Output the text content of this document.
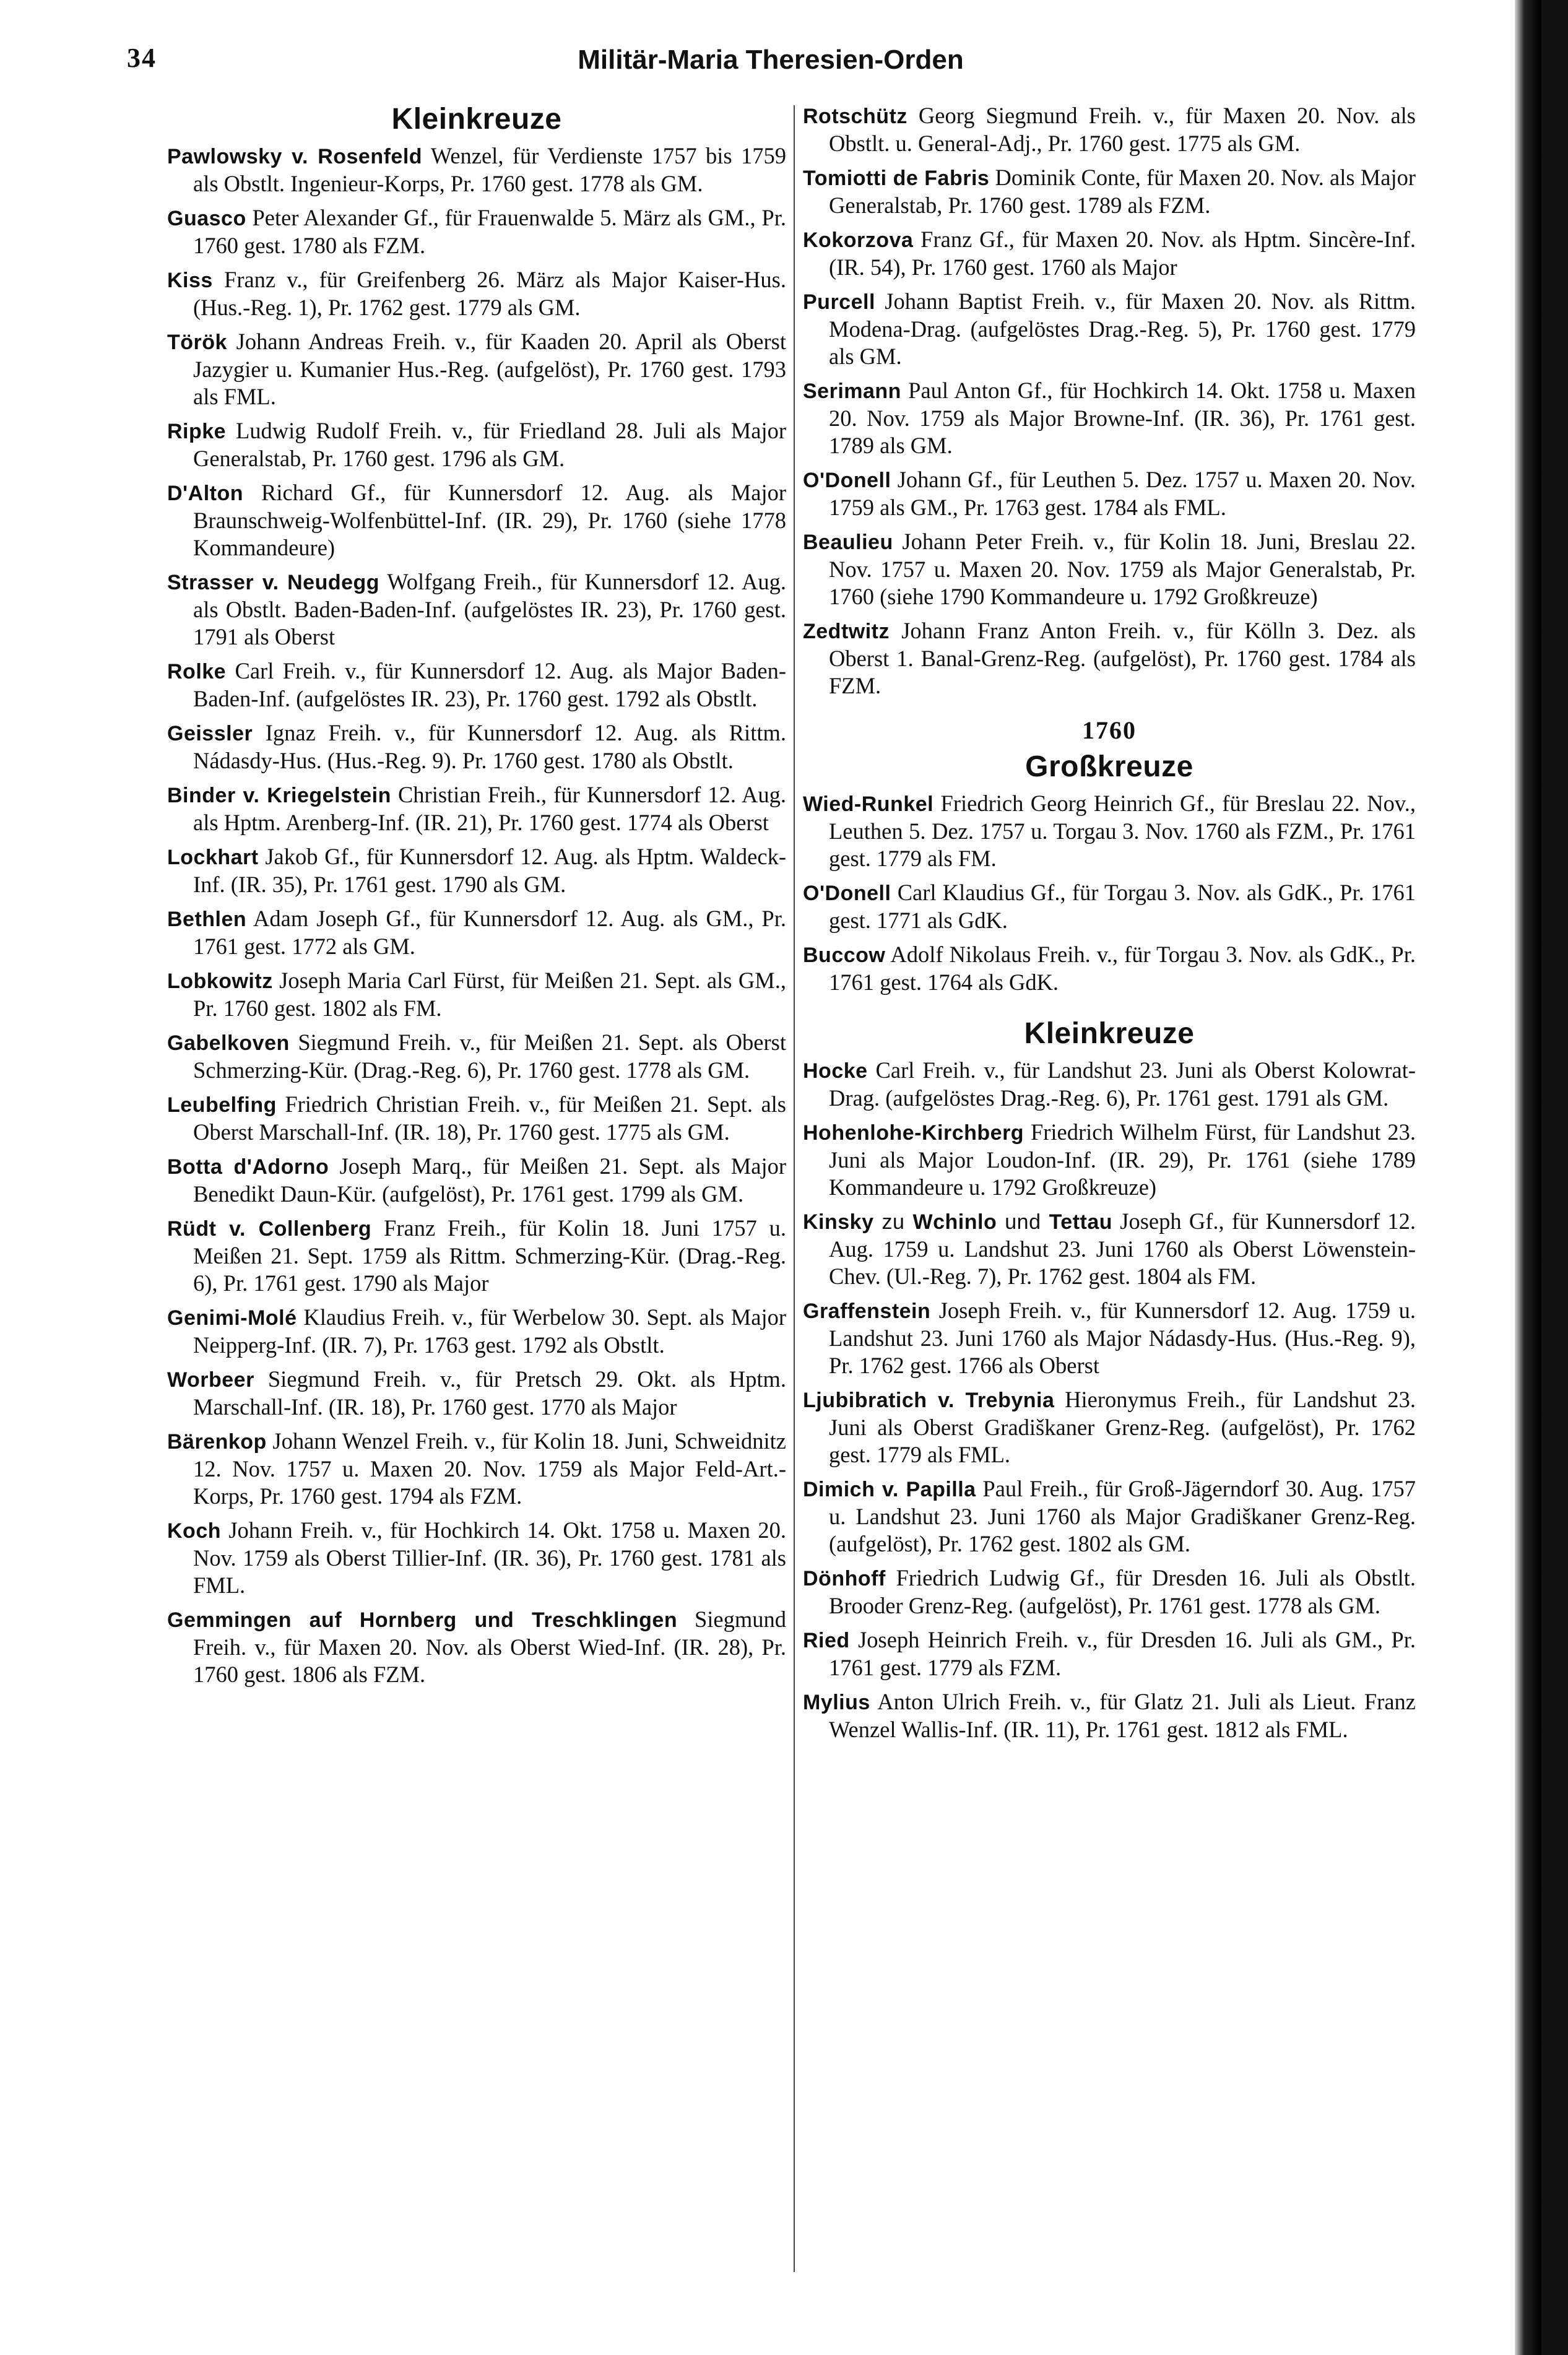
34	Militär-Maria Theresien-Orden
Kleinkreuze

Pawlowsky v. Rosenfeld Wenzel, für Verdienste 1757 bis 1759 als Obstlt. Ingenieur-Korps, Pr. 1760 gest. 1778 als GM.

Guasco Peter Alexander Gf., für Frauenwalde 5. März als GM., Pr. 1760 gest. 1780 als FZM.

Kiss Franz v., für Greifenberg 26. März als Major Kaiser-Hus. (Hus.-Reg. 1), Pr. 1762 gest. 1779 als GM.

Török Johann Andreas Freih. v., für Kaaden 20. April als Oberst Jazygier u. Kumanier Hus.-Reg. (aufgelöst), Pr. 1760 gest. 1793 als FML.

Ripke Ludwig Rudolf Freih. v., für Friedland 28. Juli als Major Generalstab, Pr. 1760 gest. 1796 als GM.

D'Alton Richard Gf., für Kunnersdorf 12. Aug. als Major Braunschweig-Wolfenbüttel-Inf. (IR. 29), Pr. 1760 (siehe 1778 Kommandeure)

Strasser v. Neudegg Wolfgang Freih., für Kunnersdorf 12. Aug. als Obstlt. Baden-Baden-Inf. (aufgelöstes IR. 23), Pr. 1760 gest. 1791 als Oberst

Rolke Carl Freih. v., für Kunnersdorf 12. Aug. als Major Baden-Baden-Inf. (aufgelöstes IR. 23), Pr. 1760 gest. 1792 als Obstlt.

Geissler Ignaz Freih. v., für Kunnersdorf 12. Aug. als Rittm. Nádasdy-Hus. (Hus.-Reg. 9). Pr. 1760 gest. 1780 als Obstlt.

Binder v. Kriegelstein Christian Freih., für Kunnersdorf 12. Aug. als Hptm. Arenberg-Inf. (IR. 21), Pr. 1760 gest. 1774 als Oberst

Lockhart Jakob Gf., für Kunnersdorf 12. Aug. als Hptm. Waldeck-Inf. (IR. 35), Pr. 1761 gest. 1790 als GM.

Bethlen Adam Joseph Gf., für Kunnersdorf 12. Aug. als GM., Pr. 1761 gest. 1772 als GM.

Lobkowitz Joseph Maria Carl Fürst, für Meißen 21. Sept. als GM., Pr. 1760 gest. 1802 als FM.

Gabelkoven Siegmund Freih. v., für Meißen 21. Sept. als Oberst Schmerzing-Kür. (Drag.-Reg. 6), Pr. 1760 gest. 1778 als GM.

Leubelfing Friedrich Christian Freih. v., für Meißen 21. Sept. als Oberst Marschall-Inf. (IR. 18), Pr. 1760 gest. 1775 als GM.

Botta d'Adorno Joseph Marq., für Meißen 21. Sept. als Major Benedikt Daun-Kür. (aufgelöst), Pr. 1761 gest. 1799 als GM.

Rüdt v. Collenberg Franz Freih., für Kolin 18. Juni 1757 u. Meißen 21. Sept. 1759 als Rittm. Schmerzing-Kür. (Drag.-Reg. 6), Pr. 1761 gest. 1790 als Major

Genimi-Molé Klaudius Freih. v., für Werbelow 30. Sept. als Major Neipperg-Inf. (IR. 7), Pr. 1763 gest. 1792 als Obstlt.

Worbeer Siegmund Freih. v., für Pretsch 29. Okt. als Hptm. Marschall-Inf. (IR. 18), Pr. 1760 gest. 1770 als Major

Bärenkop Johann Wenzel Freih. v., für Kolin 18. Juni, Schweidnitz 12. Nov. 1757 u. Maxen 20. Nov. 1759 als Major Feld-Art.-Korps, Pr. 1760 gest. 1794 als FZM.

Koch Johann Freih. v., für Hochkirch 14. Okt. 1758 u. Maxen 20. Nov. 1759 als Oberst Tillier-Inf. (IR. 36), Pr. 1760 gest. 1781 als FML.

Gemmingen auf Hornberg und Treschklingen Siegmund Freih. v., für Maxen 20. Nov. als Oberst Wied-Inf. (IR. 28), Pr. 1760 gest. 1806 als FZM.

Rotschütz Georg Siegmund Freih. v., für Maxen 20. Nov. als Obstlt. u. General-Adj., Pr. 1760 gest. 1775 als GM.

Tomiotti de Fabris Dominik Conte, für Maxen 20. Nov. als Major Generalstab, Pr. 1760 gest. 1789 als FZM.

Kokorzova Franz Gf., für Maxen 20. Nov. als Hptm. Sincère-Inf. (IR. 54), Pr. 1760 gest. 1760 als Major

Purcell Johann Baptist Freih. v., für Maxen 20. Nov. als Rittm. Modena-Drag. (aufgelöstes Drag.-Reg. 5), Pr. 1760 gest. 1779 als GM.

Serimann Paul Anton Gf., für Hochkirch 14. Okt. 1758 u. Maxen 20. Nov. 1759 als Major Browne-Inf. (IR. 36), Pr. 1761 gest. 1789 als GM.

O'Donell Johann Gf., für Leuthen 5. Dez. 1757 u. Maxen 20. Nov. 1759 als GM., Pr. 1763 gest. 1784 als FML.

Beaulieu Johann Peter Freih. v., für Kolin 18. Juni, Breslau 22. Nov. 1757 u. Maxen 20. Nov. 1759 als Major Generalstab, Pr. 1760 (siehe 1790 Kommandeure u. 1792 Großkreuze)

Zedtwitz Johann Franz Anton Freih. v., für Kölln 3. Dez. als Oberst 1. Banal-Grenz-Reg. (aufgelöst), Pr. 1760 gest. 1784 als FZM.

1760
Großkreuze

Wied-Runkel Friedrich Georg Heinrich Gf., für Breslau 22. Nov., Leuthen 5. Dez. 1757 u. Torgau 3. Nov. 1760 als FZM., Pr. 1761 gest. 1779 als FM.

O'Donell Carl Klaudius Gf., für Torgau 3. Nov. als GdK., Pr. 1761 gest. 1771 als GdK.

Buccow Adolf Nikolaus Freih. v., für Torgau 3. Nov. als GdK., Pr. 1761 gest. 1764 als GdK.

Kleinkreuze

Hocke Carl Freih. v., für Landshut 23. Juni als Oberst Kolowrat-Drag. (aufgelöstes Drag.-Reg. 6), Pr. 1761 gest. 1791 als GM.

Hohenlohe-Kirchberg Friedrich Wilhelm Fürst, für Landshut 23. Juni als Major Loudon-Inf. (IR. 29), Pr. 1761 (siehe 1789 Kommandeure u. 1792 Großkreuze)

Kinsky zu Wchinlo und Tettau Joseph Gf., für Kunnersdorf 12. Aug. 1759 u. Landshut 23. Juni 1760 als Oberst Löwenstein-Chev. (Ul.-Reg. 7), Pr. 1762 gest. 1804 als FM.

Graffenstein Joseph Freih. v., für Kunnersdorf 12. Aug. 1759 u. Landshut 23. Juni 1760 als Major Nádasdy-Hus. (Hus.-Reg. 9), Pr. 1762 gest. 1766 als Oberst

Ljubibratich v. Trebynia Hieronymus Freih., für Landshut 23. Juni als Oberst Gradiškaner Grenz-Reg. (aufgelöst), Pr. 1762 gest. 1779 als FML.

Dimich v. Papilla Paul Freih., für Groß-Jägerndorf 30. Aug. 1757 u. Landshut 23. Juni 1760 als Major Gradiškaner Grenz-Reg. (aufgelöst), Pr. 1762 gest. 1802 als GM.

Dönhoff Friedrich Ludwig Gf., für Dresden 16. Juli als Obstlt. Brooder Grenz-Reg. (aufgelöst), Pr. 1761 gest. 1778 als GM.

Ried Joseph Heinrich Freih. v., für Dresden 16. Juli als GM., Pr. 1761 gest. 1779 als FZM.

Mylius Anton Ulrich Freih. v., für Glatz 21. Juli als Lieut. Franz Wenzel Wallis-Inf. (IR. 11), Pr. 1761 gest. 1812 als FML.
